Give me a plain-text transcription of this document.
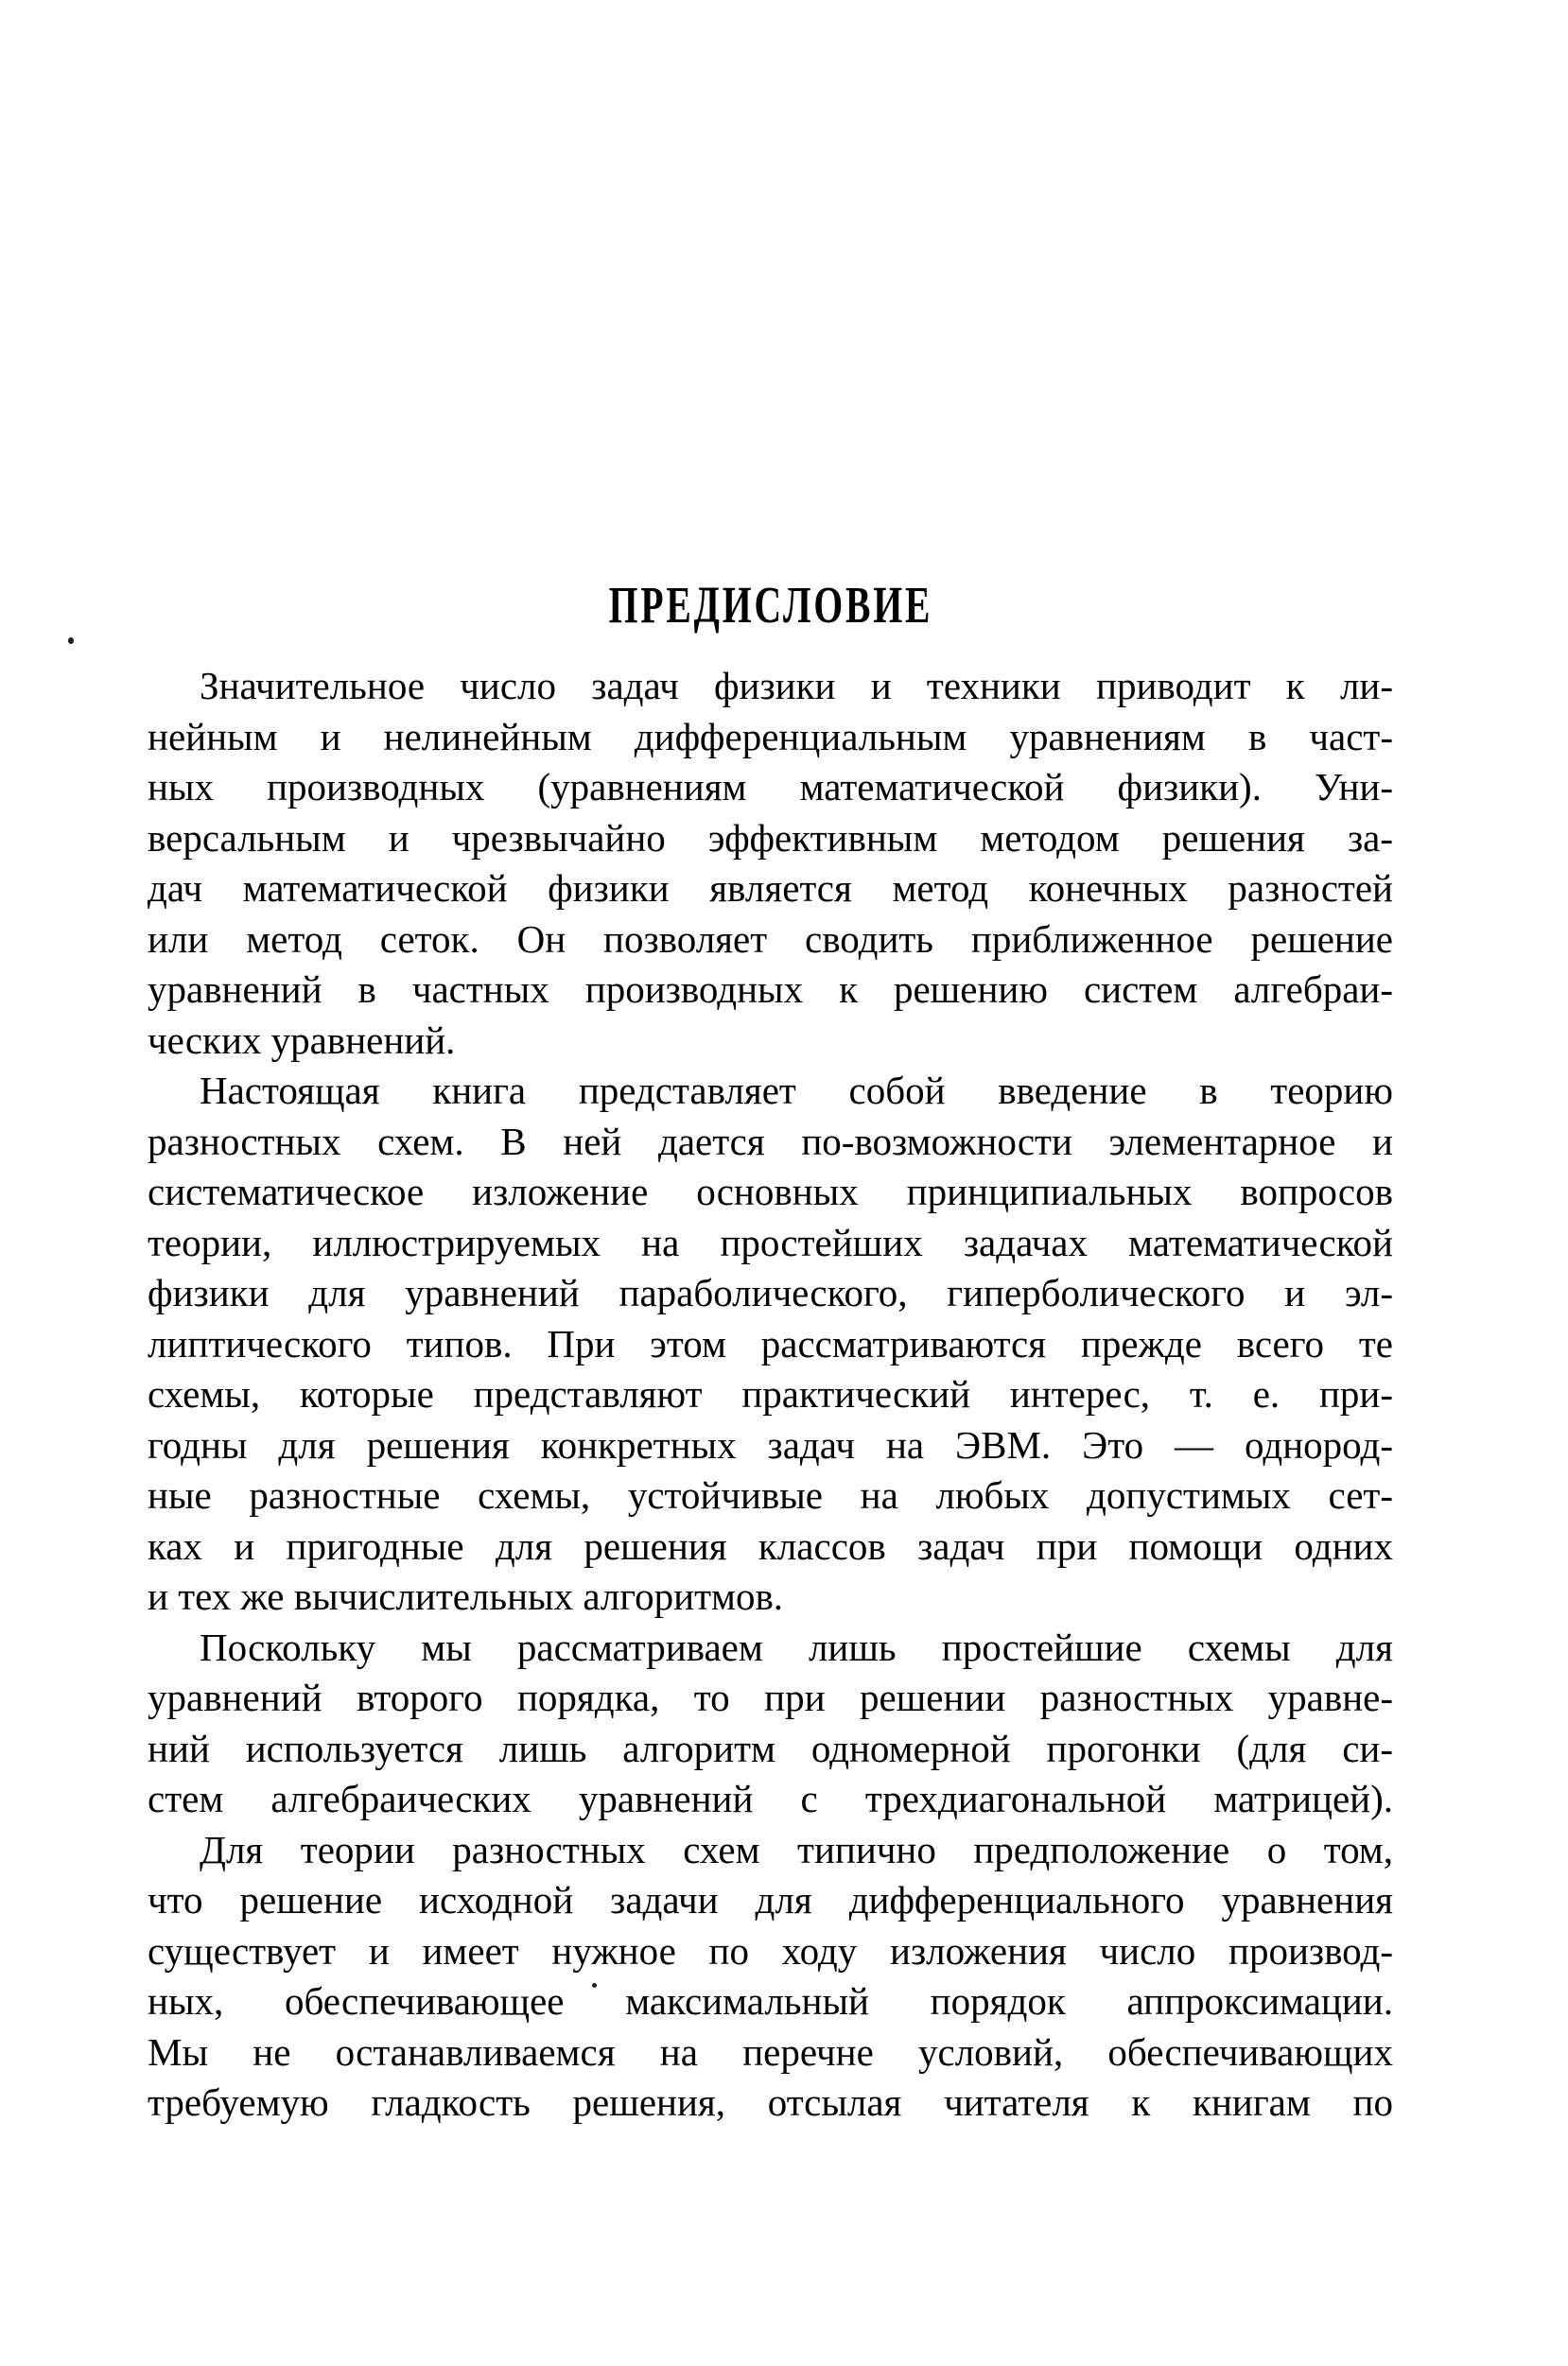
ПРЕДИСЛОВИЕ
Значительное число задач физики и техники приводит к ли-
нейным и нелинейным дифференциальным уравнениям в част-
ных производных (уравнениям математической физики). Уни-
версальным и чрезвычайно эффективным методом решения за-
дач математической физики является метод конечных разностей
или метод сеток. Он позволяет сводить приближенное решение
уравнений в частных производных к решению систем алгебраи-
ческих уравнений.
Настоящая книга представляет собой введение в теорию
разностных схем. В ней дается по-возможности элементарное и
систематическое изложение основных принципиальных вопросов
теории, иллюстрируемых на простейших задачах математической
физики для уравнений параболического, гиперболического и эл-
липтического типов. При этом рассматриваются прежде всего те
схемы, которые представляют практический интерес, т. е. при-
годны для решения конкретных задач на ЭВМ. Это — однород-
ные разностные схемы, устойчивые на любых допустимых сет-
ках и пригодные для решения классов задач при помощи одних
и тех же вычислительных алгоритмов.
Поскольку мы рассматриваем лишь простейшие схемы для
уравнений второго порядка, то при решении разностных уравне-
ний используется лишь алгоритм одномерной прогонки (для си-
стем алгебраических уравнений с трехдиагональной матрицей).
Для теории разностных схем типично предположение о том,
что решение исходной задачи для дифференциального уравнения
существует и имеет нужное по ходу изложения число производ-
ных, обеспечивающее максимальный порядок аппроксимации.
Мы не останавливаемся на перечне условий, обеспечивающих
требуемую гладкость решения, отсылая читателя к книгам по
